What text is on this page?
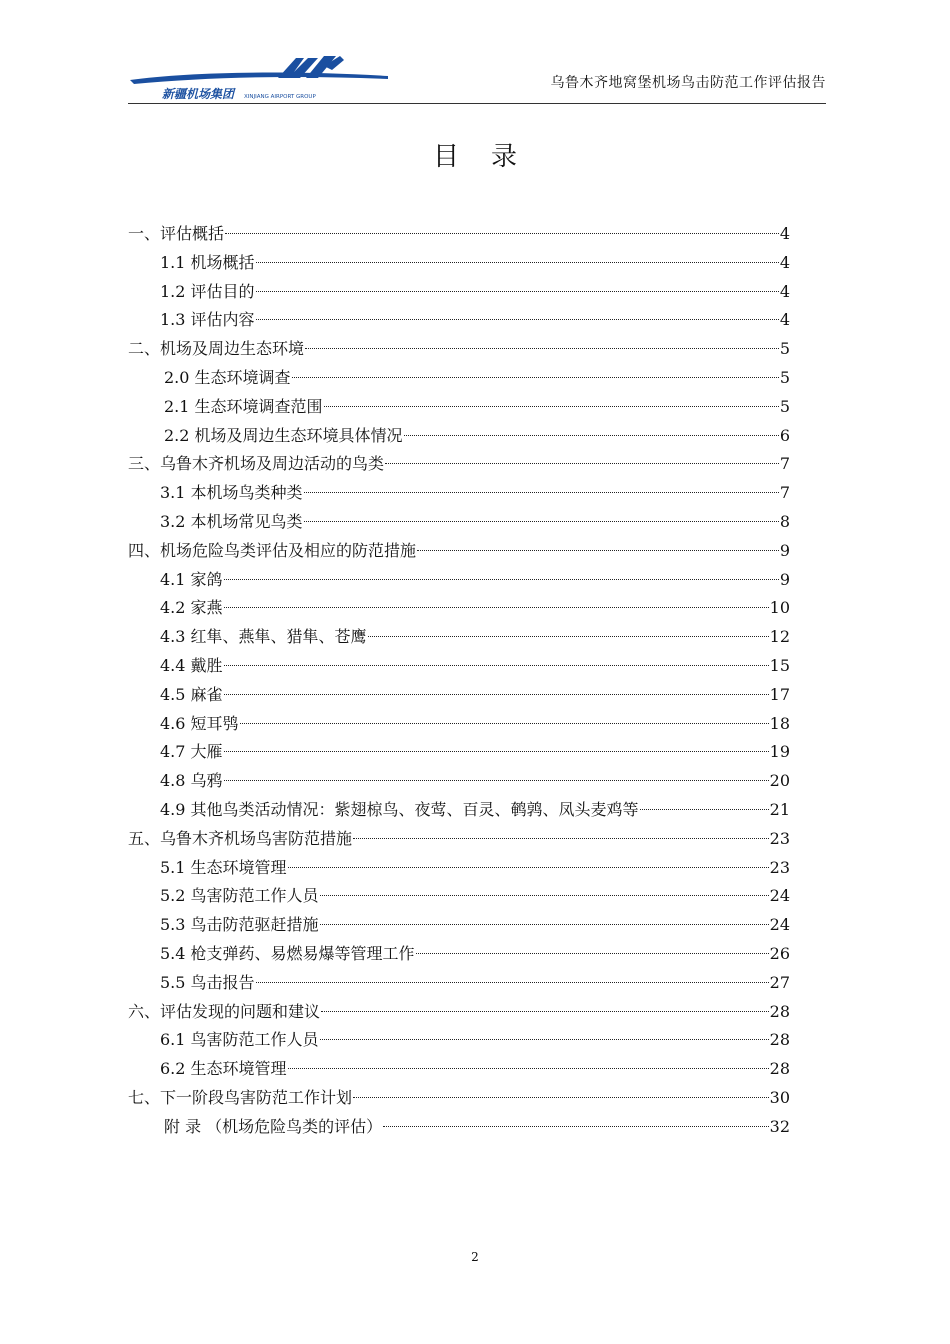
新疆机场集团	XINJIANG AIRPORT GROUP
乌鲁木齐地窝堡机场鸟击防范工作评估报告
目录
一、评估概括	4
1.1 机场概括	4
1.2 评估目的	4
1.3 评估内容	4
二、机场及周边生态环境	5
2.0 生态环境调查	5
2.1 生态环境调查范围	5
2.2 机场及周边生态环境具体情况	6
三、乌鲁木齐机场及周边活动的鸟类	7
3.1 本机场鸟类种类	7
3.2 本机场常见鸟类	8
四、机场危险鸟类评估及相应的防范措施	9
4.1 家鸽	9
4.2 家燕	10
4.3 红隼、燕隼、猎隼、苍鹰	12
4.4 戴胜	15
4.5 麻雀	17
4.6 短耳鸮	18
4.7 大雁	19
4.8 乌鸦	20
4.9 其他鸟类活动情况：紫翅椋鸟、夜莺、百灵、鹌鹑、凤头麦鸡等	21
五、乌鲁木齐机场鸟害防范措施	23
5.1 生态环境管理	23
5.2 鸟害防范工作人员	24
5.3 鸟击防范驱赶措施	24
5.4 枪支弹药、易燃易爆等管理工作	26
5.5 鸟击报告	27
六、评估发现的问题和建议	28
6.1 鸟害防范工作人员	28
6.2 生态环境管理	28
七、下一阶段鸟害防范工作计划	30
附 录 （机场危险鸟类的评估）	32
2
